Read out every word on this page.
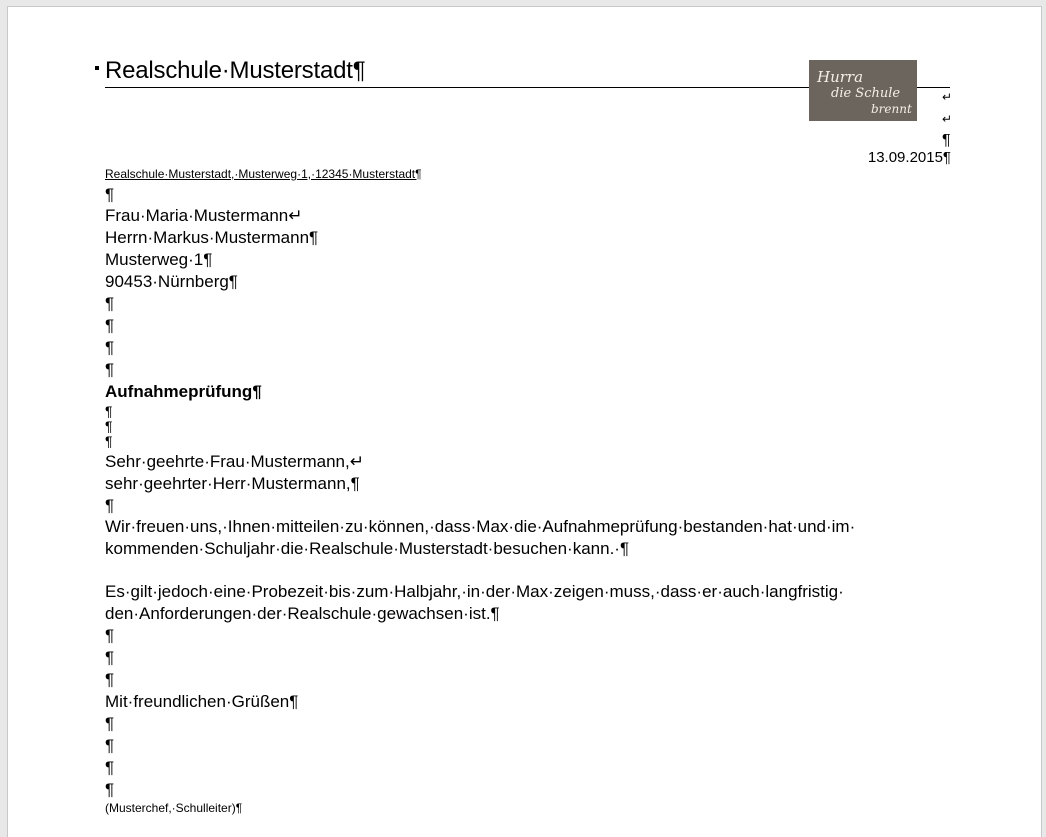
Realschule·Musterstadt¶	Hurra
die Schule
brennt
↵
↵
¶
13.09.2015¶
Realschule·Musterstadt,·Musterweg·1,·12345·Musterstadt¶
¶
Frau·Maria·Mustermann↵
Herrn·Markus·Mustermann¶
Musterweg·1¶
90453·Nürnberg¶
¶
¶
¶
¶
Aufnahmeprüfung¶
¶
¶
¶
Sehr·geehrte·Frau·Mustermann,↵
sehr·geehrter·Herr·Mustermann,¶
¶
Wir·freuen·uns,·Ihnen·mitteilen·zu·können,·dass·Max·die·Aufnahmeprüfung·bestanden·hat·und·im·
kommenden·Schuljahr·die·Realschule·Musterstadt·besuchen·kann.·¶
Es·gilt·jedoch·eine·Probezeit·bis·zum·Halbjahr,·in·der·Max·zeigen·muss,·dass·er·auch·langfristig·
den·Anforderungen·der·Realschule·gewachsen·ist.¶
¶
¶
¶
Mit·freundlichen·Grüßen¶
¶
¶
¶
¶
(Musterchef,·Schulleiter)¶
